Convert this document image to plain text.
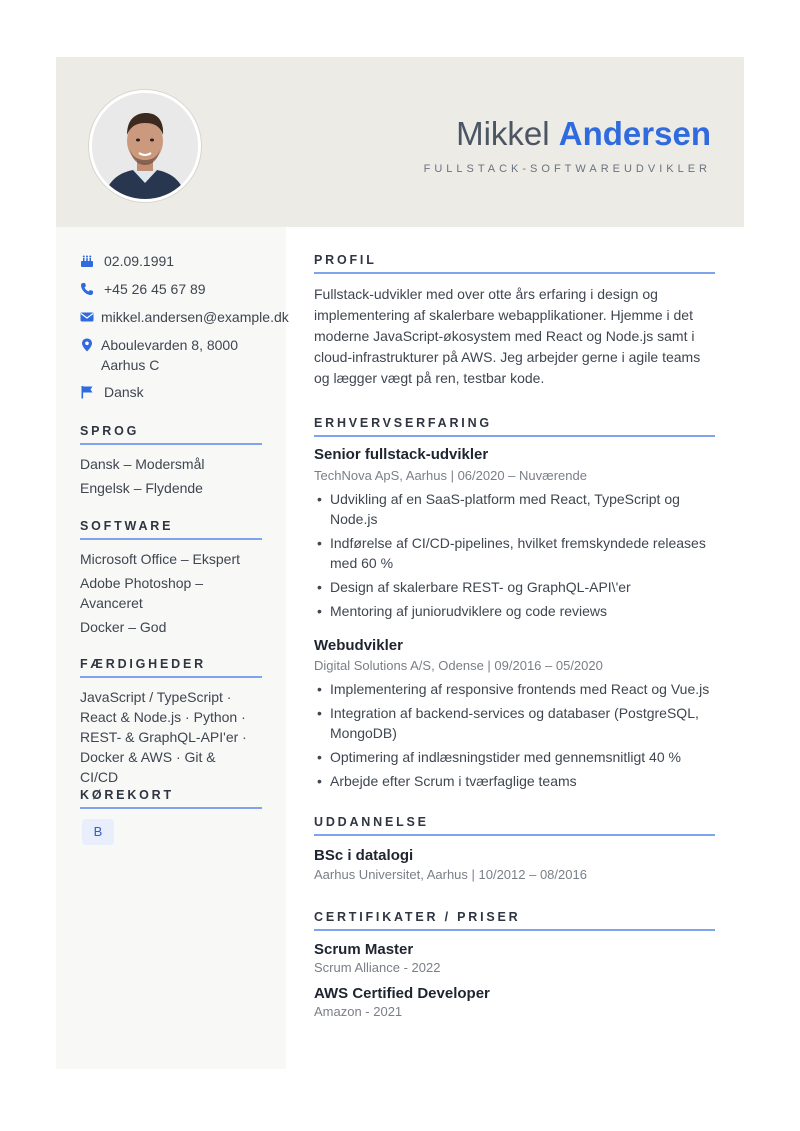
Mikkel Andersen
FULLSTACK-SOFTWAREUDVIKLER
02.09.1991
+45 26 45 67 89
mikkel.andersen@example.dk
Aboulevarden 8, 8000
Aarhus C
Dansk
SPROG
Dansk – Modersmål
Engelsk – Flydende
SOFTWARE
Microsoft Office – Ekspert
Adobe Photoshop – Avanceret
Docker – God
FÆRDIGHEDER
JavaScript / TypeScript · React & Node.js · Python · REST- & GraphQL-API'er · Docker & AWS · Git & CI/CD
KØREKORT
B
PROFIL
Fullstack-udvikler med over otte års erfaring i design og implementering af skalerbare webapplikationer. Hjemme i det moderne JavaScript-økosystem med React og Node.js samt i cloud-infrastrukturer på AWS. Jeg arbejder gerne i agile teams og lægger vægt på ren, testbar kode.
ERHVERVSERFARING
Senior fullstack-udvikler
TechNova ApS, Aarhus | 06/2020 – Nuværende
• Udvikling af en SaaS-platform med React, TypeScript og Node.js
• Indførelse af CI/CD-pipelines, hvilket fremskyndede releases med 60 %
• Design af skalerbare REST- og GraphQL-API\'er
• Mentoring af juniorudviklere og code reviews
Webudvikler
Digital Solutions A/S, Odense | 09/2016 – 05/2020
• Implementering af responsive frontends med React og Vue.js
• Integration af backend-services og databaser (PostgreSQL, MongoDB)
• Optimering af indlæsningstider med gennemsnitligt 40 %
• Arbejde efter Scrum i tværfaglige teams
UDDANNELSE
BSc i datalogi
Aarhus Universitet, Aarhus | 10/2012 – 08/2016
CERTIFIKATER / PRISER
Scrum Master
Scrum Alliance - 2022
AWS Certified Developer
Amazon - 2021
